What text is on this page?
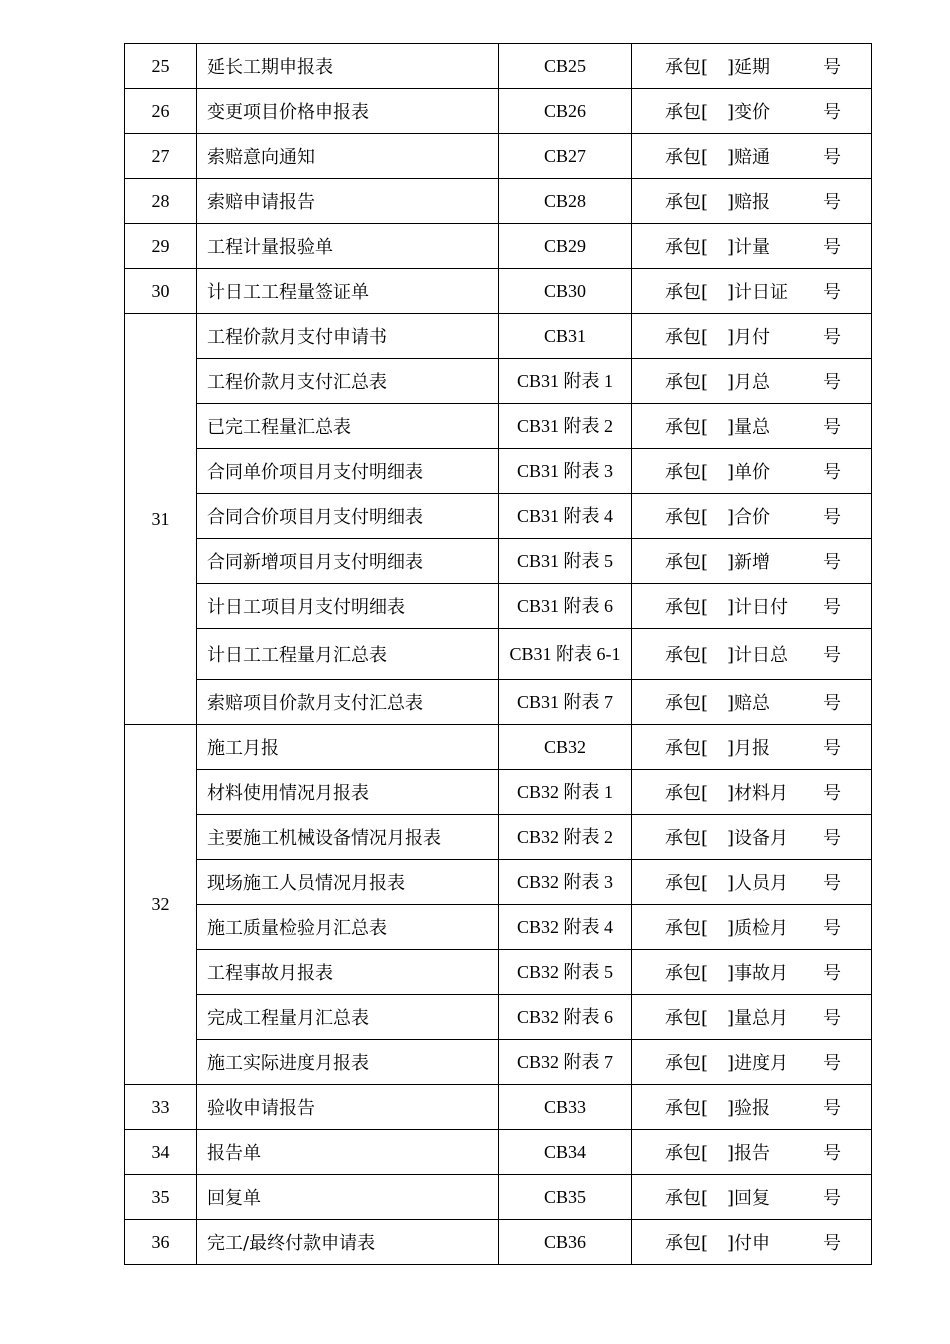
25	延长工期申报表	CB25	承包[ ]延期 号

26	变更项目价格申报表	CB26	承包[ ]变价 号

27	索赔意向通知	CB27	承包[ ]赔通 号

28	索赔申请报告	CB28	承包[ ]赔报 号

29	工程计量报验单	CB29	承包[ ]计量 号

30	计日工工程量签证单	CB30	承包[ ]计日证 号

31	工程价款月支付申请书	CB31	承包[ ]月付 号

	工程价款月支付汇总表	CB31 附表 1	承包[ ]月总 号

	已完工程量汇总表	CB31 附表 2	承包[ ]量总 号

	合同单价项目月支付明细表	CB31 附表 3	承包[ ]单价 号

	合同合价项目月支付明细表	CB31 附表 4	承包[ ]合价 号

	合同新增项目月支付明细表	CB31 附表 5	承包[ ]新增 号

	计日工项目月支付明细表	CB31 附表 6	承包[ ]计日付 号

	计日工工程量月汇总表	CB31 附表 6-1	承包[ ]计日总 号

	索赔项目价款月支付汇总表	CB31 附表 7	承包[ ]赔总 号

32	施工月报	CB32	承包[ ]月报 号

	材料使用情况月报表	CB32 附表 1	承包[ ]材料月 号

	主要施工机械设备情况月报表	CB32 附表 2	承包[ ]设备月 号

	现场施工人员情况月报表	CB32 附表 3	承包[ ]人员月 号

	施工质量检验月汇总表	CB32 附表 4	承包[ ]质检月 号

	工程事故月报表	CB32 附表 5	承包[ ]事故月 号

	完成工程量月汇总表	CB32 附表 6	承包[ ]量总月 号

	施工实际进度月报表	CB32 附表 7	承包[ ]进度月 号

33	验收申请报告	CB33	承包[ ]验报 号

34	报告单	CB34	承包[ ]报告 号

35	回复单	CB35	承包[ ]回复 号

36	完工/最终付款申请表	CB36	承包[ ]付申 号
